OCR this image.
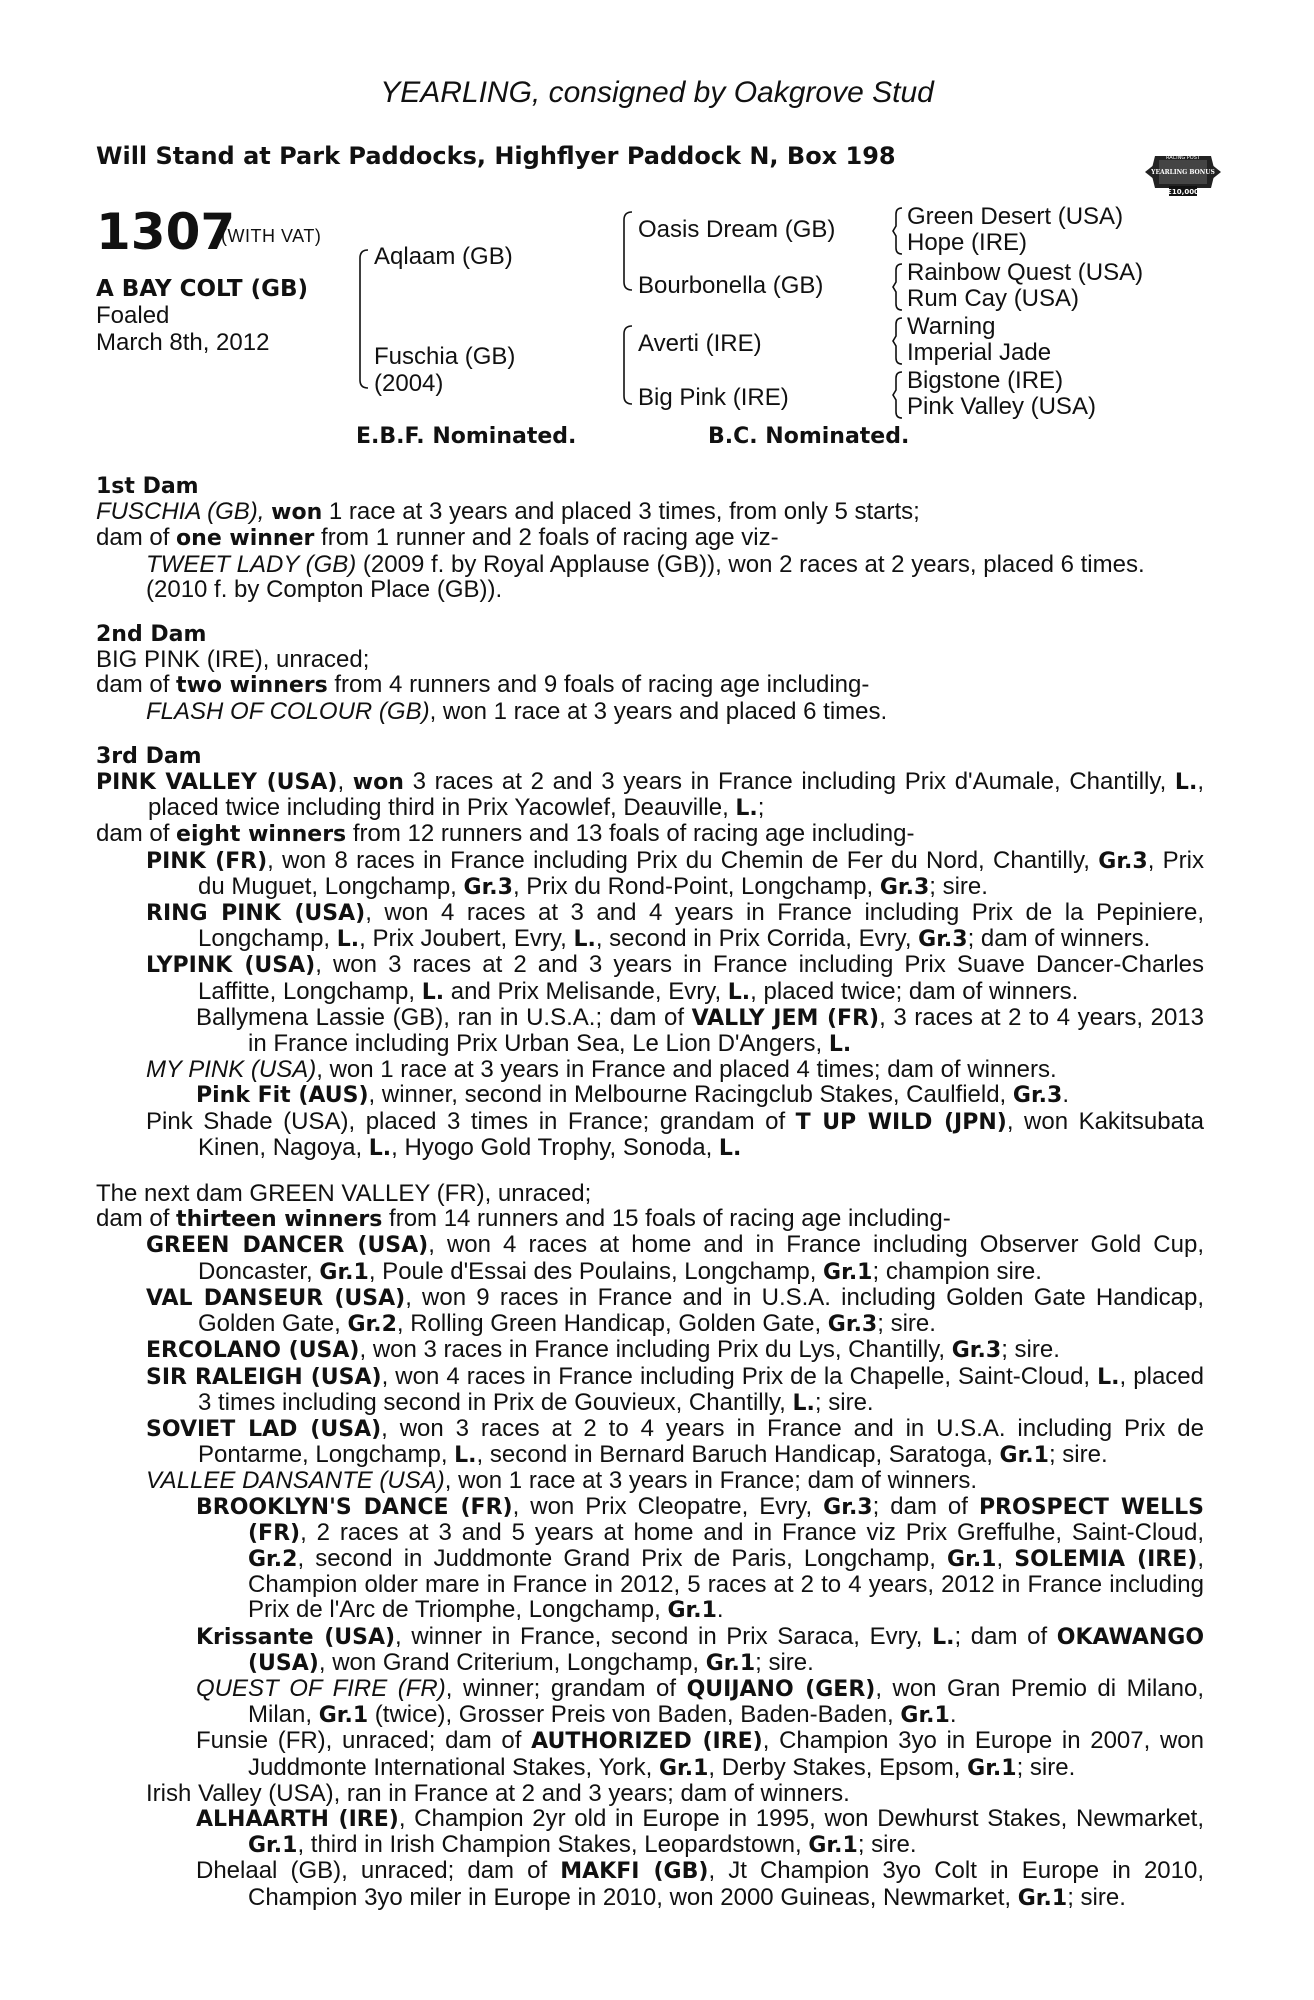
YEARLING, consigned by Oakgrove Stud
Will Stand at Park Paddocks, Highflyer Paddock N, Box 198	RACING POST
YEARLING BONUS
£10,000
1307
(WITH VAT)
A BAY COLT (GB)
Foaled
March 8th, 2012
Aqlaam (GB)
Fuschia (GB)
(2004)
Oasis Dream (GB)
Bourbonella (GB)
Averti (IRE)
Big Pink (IRE)
Green Desert (USA)
Hope (IRE)
Rainbow Quest (USA)
Rum Cay (USA)
Warning
Imperial Jade
Bigstone (IRE)
Pink Valley (USA)
E.B.F. Nominated.	B.C. Nominated.
1st Dam
FUSCHIA (GB), won 1 race at 3 years and placed 3 times, from only 5 starts;
dam of one winner from 1 runner and 2 foals of racing age viz-
TWEET LADY (GB) (2009 f. by Royal Applause (GB)), won 2 races at 2 years, placed 6 times.
(2010 f. by Compton Place (GB)).
2nd Dam
BIG PINK (IRE), unraced;
dam of two winners from 4 runners and 9 foals of racing age including-
FLASH OF COLOUR (GB), won 1 race at 3 years and placed 6 times.
3rd Dam
PINK VALLEY (USA), won 3 races at 2 and 3 years in France including Prix d'Aumale, Chantilly, L., placed twice including third in Prix Yacowlef, Deauville, L.;
dam of eight winners from 12 runners and 13 foals of racing age including-
PINK (FR), won 8 races in France including Prix du Chemin de Fer du Nord, Chantilly, Gr.3, Prix du Muguet, Longchamp, Gr.3, Prix du Rond-Point, Longchamp, Gr.3; sire.
RING PINK (USA), won 4 races at 3 and 4 years in France including Prix de la Pepiniere, Longchamp, L., Prix Joubert, Evry, L., second in Prix Corrida, Evry, Gr.3; dam of winners.
LYPINK (USA), won 3 races at 2 and 3 years in France including Prix Suave Dancer-Charles Laffitte, Longchamp, L. and Prix Melisande, Evry, L., placed twice; dam of winners.
Ballymena Lassie (GB), ran in U.S.A.; dam of VALLY JEM (FR), 3 races at 2 to 4 years, 2013 in France including Prix Urban Sea, Le Lion D'Angers, L.
MY PINK (USA), won 1 race at 3 years in France and placed 4 times; dam of winners.
Pink Fit (AUS), winner, second in Melbourne Racingclub Stakes, Caulfield, Gr.3.
Pink Shade (USA), placed 3 times in France; grandam of T UP WILD (JPN), won Kakitsubata Kinen, Nagoya, L., Hyogo Gold Trophy, Sonoda, L.
The next dam GREEN VALLEY (FR), unraced;
dam of thirteen winners from 14 runners and 15 foals of racing age including-
GREEN DANCER (USA), won 4 races at home and in France including Observer Gold Cup, Doncaster, Gr.1, Poule d'Essai des Poulains, Longchamp, Gr.1; champion sire.
VAL DANSEUR (USA), won 9 races in France and in U.S.A. including Golden Gate Handicap, Golden Gate, Gr.2, Rolling Green Handicap, Golden Gate, Gr.3; sire.
ERCOLANO (USA), won 3 races in France including Prix du Lys, Chantilly, Gr.3; sire.
SIR RALEIGH (USA), won 4 races in France including Prix de la Chapelle, Saint-Cloud, L., placed 3 times including second in Prix de Gouvieux, Chantilly, L.; sire.
SOVIET LAD (USA), won 3 races at 2 to 4 years in France and in U.S.A. including Prix de Pontarme, Longchamp, L., second in Bernard Baruch Handicap, Saratoga, Gr.1; sire.
VALLEE DANSANTE (USA), won 1 race at 3 years in France; dam of winners.
BROOKLYN'S DANCE (FR), won Prix Cleopatre, Evry, Gr.3; dam of PROSPECT WELLS (FR), 2 races at 3 and 5 years at home and in France viz Prix Greffulhe, Saint-Cloud, Gr.2, second in Juddmonte Grand Prix de Paris, Longchamp, Gr.1, SOLEMIA (IRE), Champion older mare in France in 2012, 5 races at 2 to 4 years, 2012 in France including Prix de l'Arc de Triomphe, Longchamp, Gr.1.
Krissante (USA), winner in France, second in Prix Saraca, Evry, L.; dam of OKAWANGO (USA), won Grand Criterium, Longchamp, Gr.1; sire.
QUEST OF FIRE (FR), winner; grandam of QUIJANO (GER), won Gran Premio di Milano, Milan, Gr.1 (twice), Grosser Preis von Baden, Baden-Baden, Gr.1.
Funsie (FR), unraced; dam of AUTHORIZED (IRE), Champion 3yo in Europe in 2007, won Juddmonte International Stakes, York, Gr.1, Derby Stakes, Epsom, Gr.1; sire.
Irish Valley (USA), ran in France at 2 and 3 years; dam of winners.
ALHAARTH (IRE), Champion 2yr old in Europe in 1995, won Dewhurst Stakes, Newmarket, Gr.1, third in Irish Champion Stakes, Leopardstown, Gr.1; sire.
Dhelaal (GB), unraced; dam of MAKFI (GB), Jt Champion 3yo Colt in Europe in 2010, Champion 3yo miler in Europe in 2010, won 2000 Guineas, Newmarket, Gr.1; sire.
